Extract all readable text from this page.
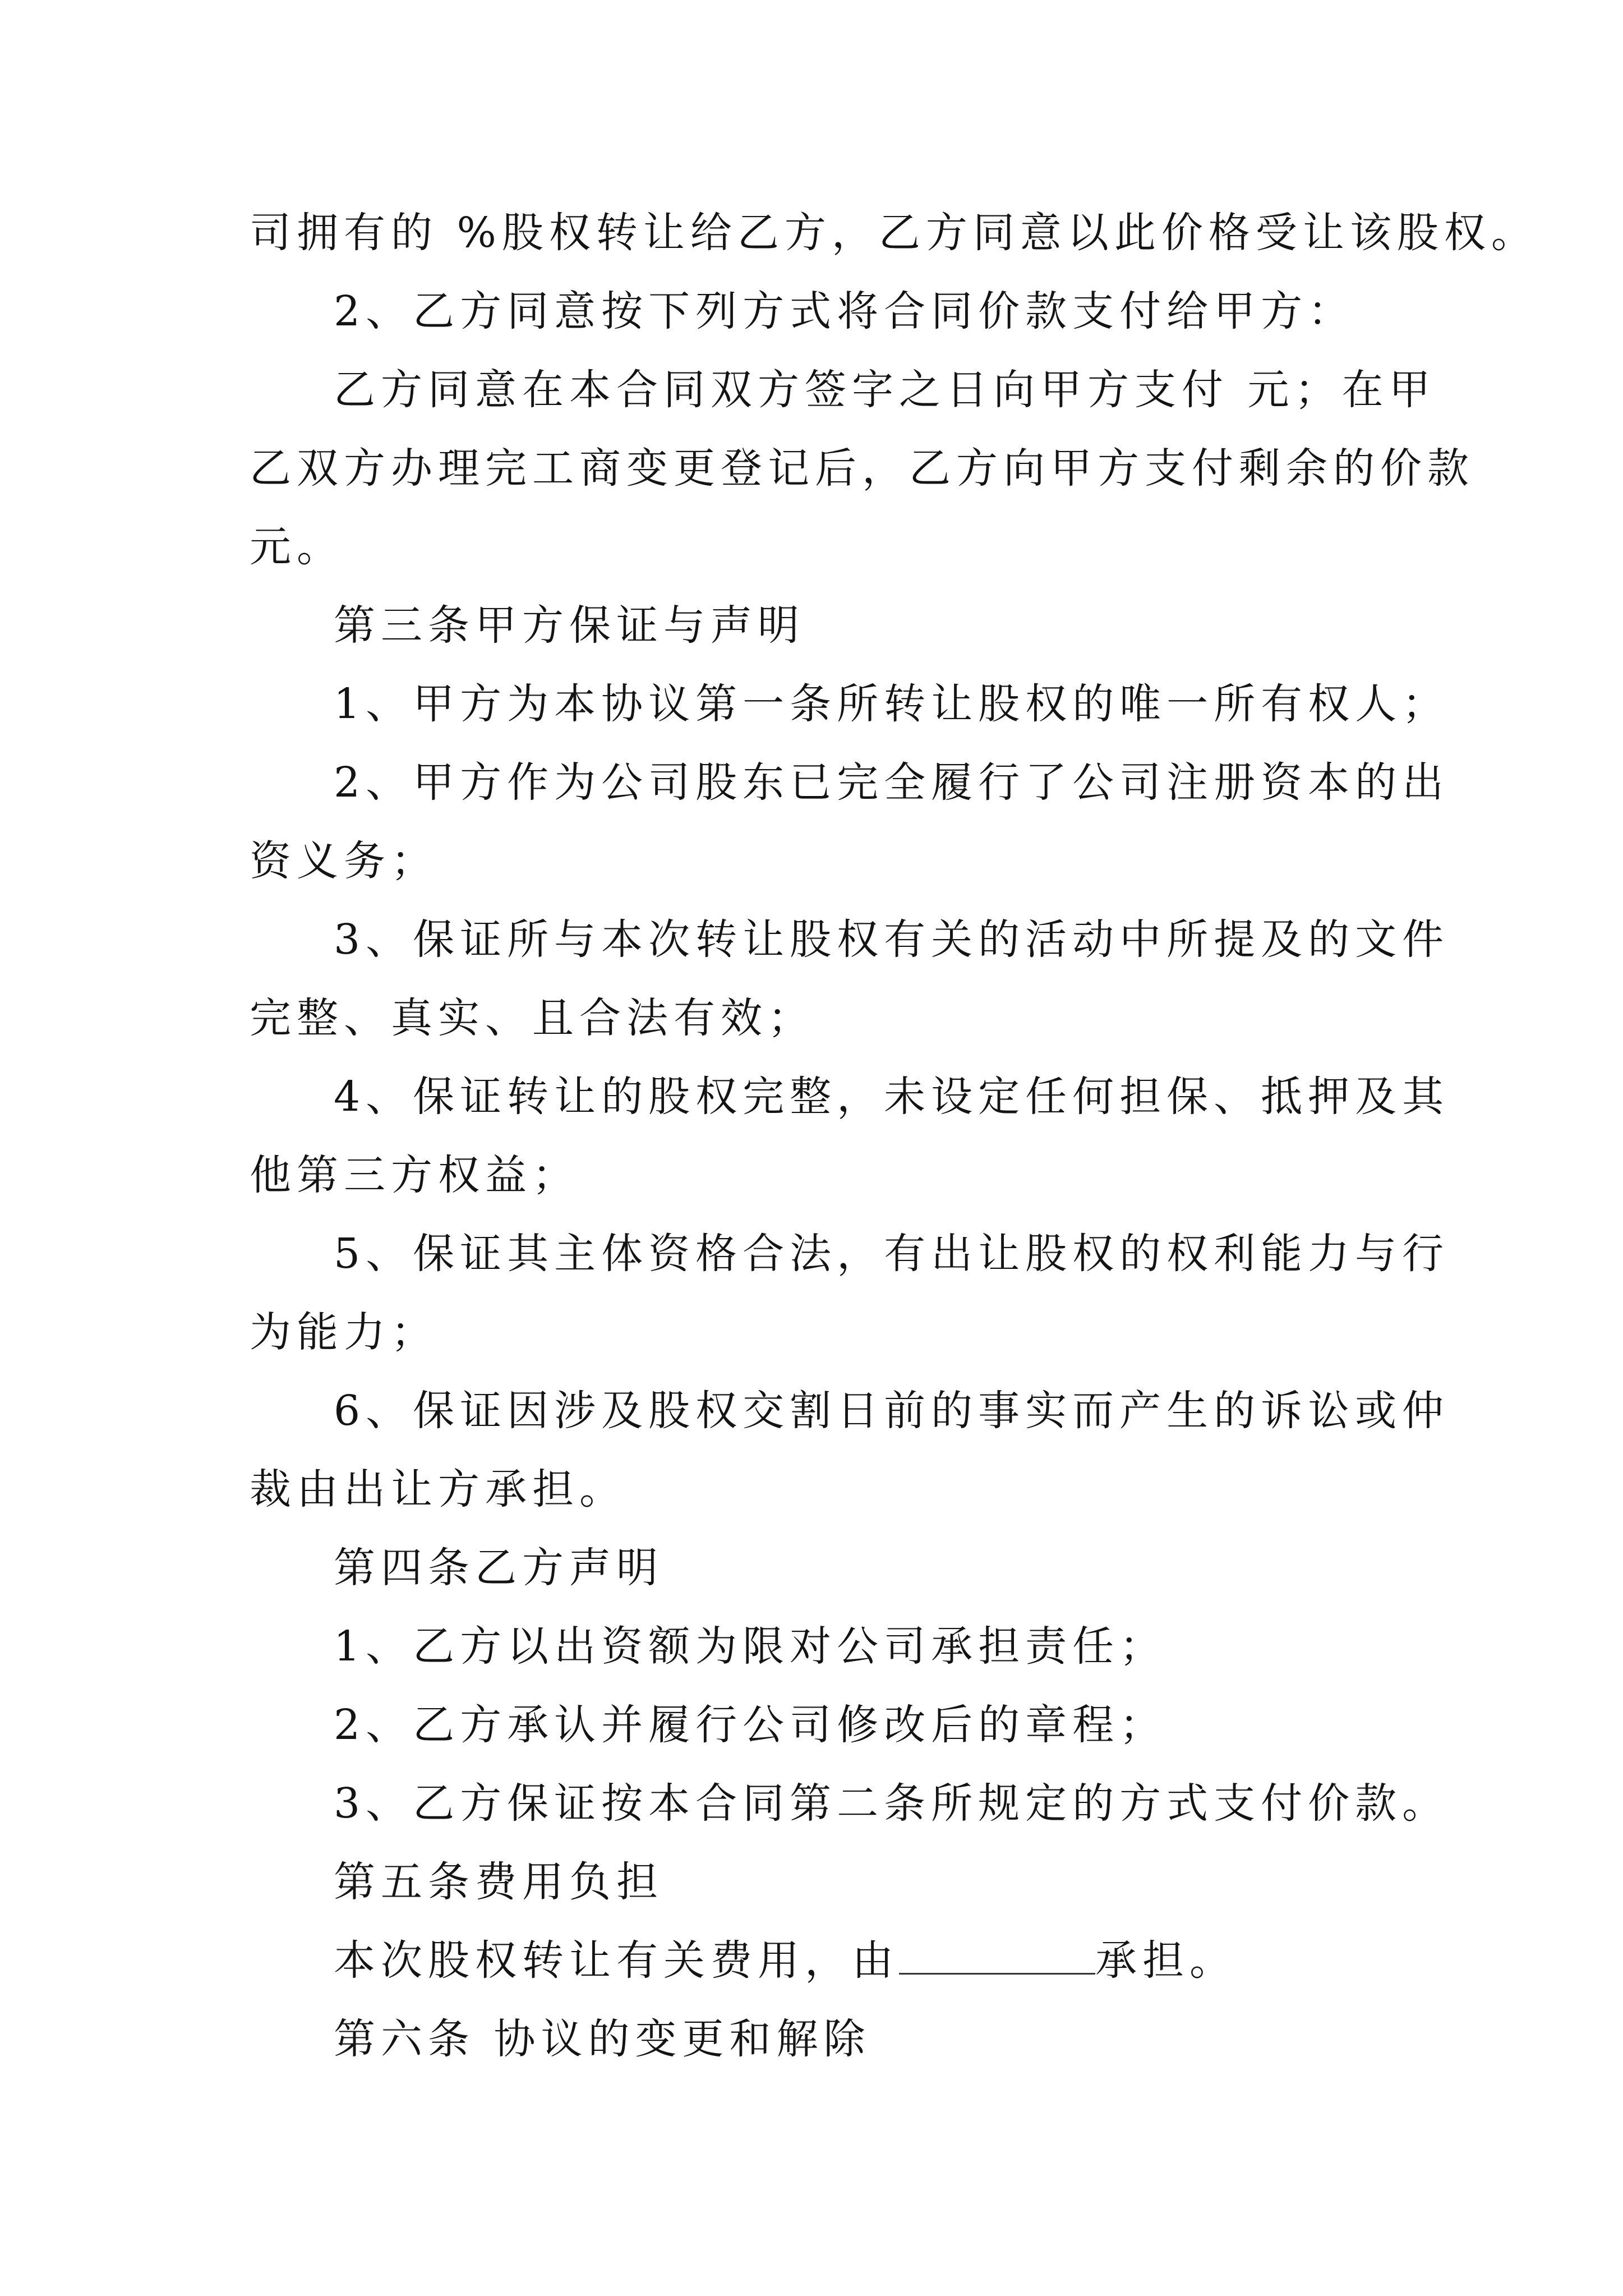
司拥有的 %股权转让给乙方，乙方同意以此价格受让该股权。

2、乙方同意按下列方式将合同价款支付给甲方：

乙方同意在本合同双方签字之日向甲方支付 元；在甲

乙双方办理完工商变更登记后，乙方向甲方支付剩余的价款

元。

第三条甲方保证与声明

1、甲方为本协议第一条所转让股权的唯一所有权人；

2、甲方作为公司股东已完全履行了公司注册资本的出

资义务；

3、保证所与本次转让股权有关的活动中所提及的文件

完整、真实、且合法有效；

4、保证转让的股权完整，未设定任何担保、抵押及其

他第三方权益；

5、保证其主体资格合法，有出让股权的权利能力与行

为能力；

6、保证因涉及股权交割日前的事实而产生的诉讼或仲

裁由出让方承担。

第四条乙方声明

1、乙方以出资额为限对公司承担责任；

2、乙方承认并履行公司修改后的章程；

3、乙方保证按本合同第二条所规定的方式支付价款。

第五条费用负担

本次股权转让有关费用，由	承担。

第六条 协议的变更和解除
